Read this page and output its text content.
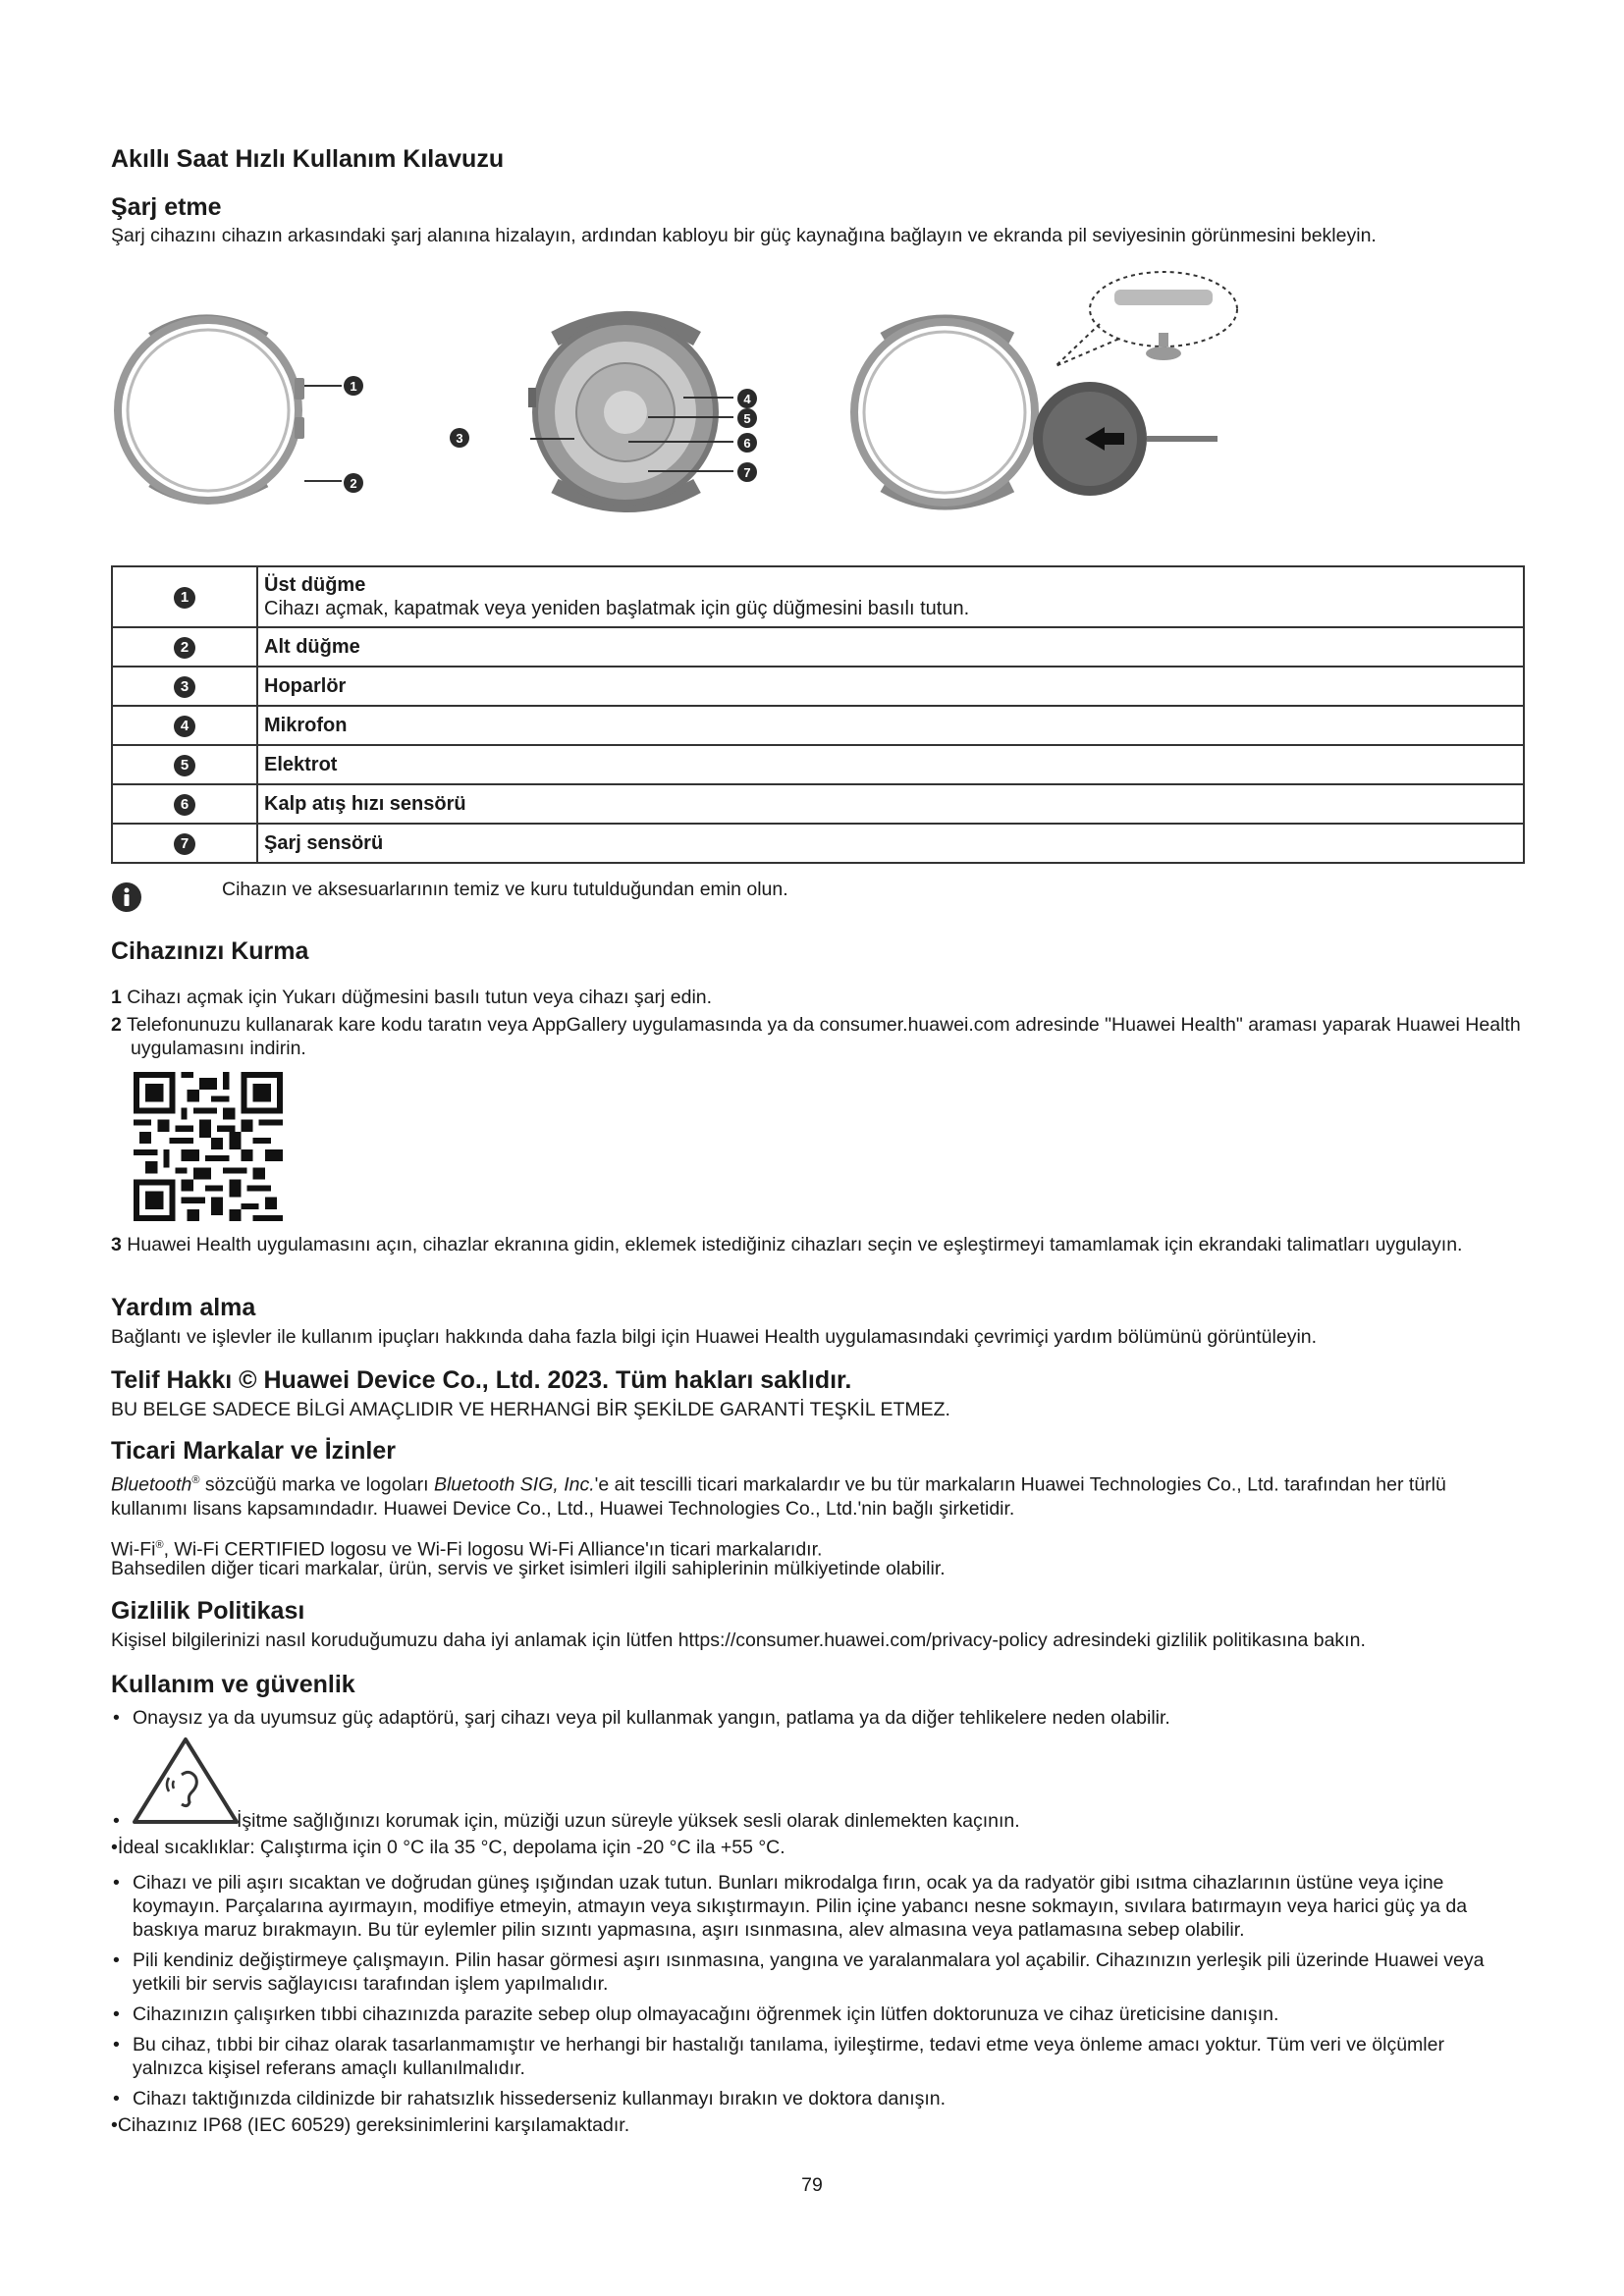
Akıllı Saat Hızlı Kullanım Kılavuzu
Şarj etme
Şarj cihazını cihazın arkasındaki şarj alanına hizalayın, ardından kabloyu bir güç kaynağına bağlayın ve ekranda pil seviyesinin görünmesini bekleyin.
1
2
3
4
5
6
7
1	Üst düğme
Cihazı açmak, kapatmak veya yeniden başlatmak için güç düğmesini basılı tutun.

2	Alt düğme
3	Hoparlör
4	Mikrofon
5	Elektrot
6	Kalp atış hızı sensörü
7	Şarj sensörü
Cihazın ve aksesuarlarının temiz ve kuru tutulduğundan emin olun.
Cihazınızı Kurma
1 Cihazı açmak için Yukarı düğmesini basılı tutun veya cihazı şarj edin.
2 Telefonunuzu kullanarak kare kodu taratın veya AppGallery uygulamasında ya da consumer.huawei.com adresinde "Huawei Health" araması yaparak Huawei Health uygulamasını indirin.
3 Huawei Health uygulamasını açın, cihazlar ekranına gidin, eklemek istediğiniz cihazları seçin ve eşleştirmeyi tamamlamak için ekrandaki talimatları uygulayın.
Yardım alma
Bağlantı ve işlevler ile kullanım ipuçları hakkında daha fazla bilgi için Huawei Health uygulamasındaki çevrimiçi yardım bölümünü görüntüleyin.
Telif Hakkı © Huawei Device Co., Ltd. 2023. Tüm hakları saklıdır.
BU BELGE SADECE BİLGİ AMAÇLIDIR VE HERHANGİ BİR ŞEKİLDE GARANTİ TEŞKİL ETMEZ.
Ticari Markalar ve İzinler
Bluetooth® sözcüğü marka ve logoları Bluetooth SIG, Inc.'e ait tescilli ticari markalardır ve bu tür markaların Huawei Technologies Co., Ltd. tarafından her türlü kullanımı lisans kapsamındadır. Huawei Device Co., Ltd., Huawei Technologies Co., Ltd.'nin bağlı şirketidir.
Wi-Fi®, Wi-Fi CERTIFIED logosu ve Wi-Fi logosu Wi-Fi Alliance'ın ticari markalarıdır.
Bahsedilen diğer ticari markalar, ürün, servis ve şirket isimleri ilgili sahiplerinin mülkiyetinde olabilir.
Gizlilik Politikası
Kişisel bilgilerinizi nasıl koruduğumuzu daha iyi anlamak için lütfen https://consumer.huawei.com/privacy-policy adresindeki gizlilik politikasına bakın.
Kullanım ve güvenlik
• Onaysız ya da uyumsuz güç adaptörü, şarj cihazı veya pil kullanmak yangın, patlama ya da diğer tehlikelere neden olabilir.
•	İşitme sağlığınızı korumak için, müziği uzun süreyle yüksek sesli olarak dinlemekten kaçının.
•İdeal sıcaklıklar: Çalıştırma için 0 °C ila 35 °C, depolama için -20 °C ila +55 °C.
• Cihazı ve pili aşırı sıcaktan ve doğrudan güneş ışığından uzak tutun. Bunları mikrodalga fırın, ocak ya da radyatör gibi ısıtma cihazlarının üstüne veya içine koymayın. Parçalarına ayırmayın, modifiye etmeyin, atmayın veya sıkıştırmayın. Pilin içine yabancı nesne sokmayın, sıvılara batırmayın veya harici güç ya da baskıya maruz bırakmayın. Bu tür eylemler pilin sızıntı yapmasına, aşırı ısınmasına, alev almasına veya patlamasına sebep olabilir.
• Pili kendiniz değiştirmeye çalışmayın. Pilin hasar görmesi aşırı ısınmasına, yangına ve yaralanmalara yol açabilir. Cihazınızın yerleşik pili üzerinde Huawei veya yetkili bir servis sağlayıcısı tarafından işlem yapılmalıdır.
• Cihazınızın çalışırken tıbbi cihazınızda parazite sebep olup olmayacağını öğrenmek için lütfen doktorunuza ve cihaz üreticisine danışın.
• Bu cihaz, tıbbi bir cihaz olarak tasarlanmamıştır ve herhangi bir hastalığı tanılama, iyileştirme, tedavi etme veya önleme amacı yoktur. Tüm veri ve ölçümler yalnızca kişisel referans amaçlı kullanılmalıdır.
• Cihazı taktığınızda cildinizde bir rahatsızlık hissederseniz kullanmayı bırakın ve doktora danışın.
•Cihazınız IP68 (IEC 60529) gereksinimlerini karşılamaktadır.
79
